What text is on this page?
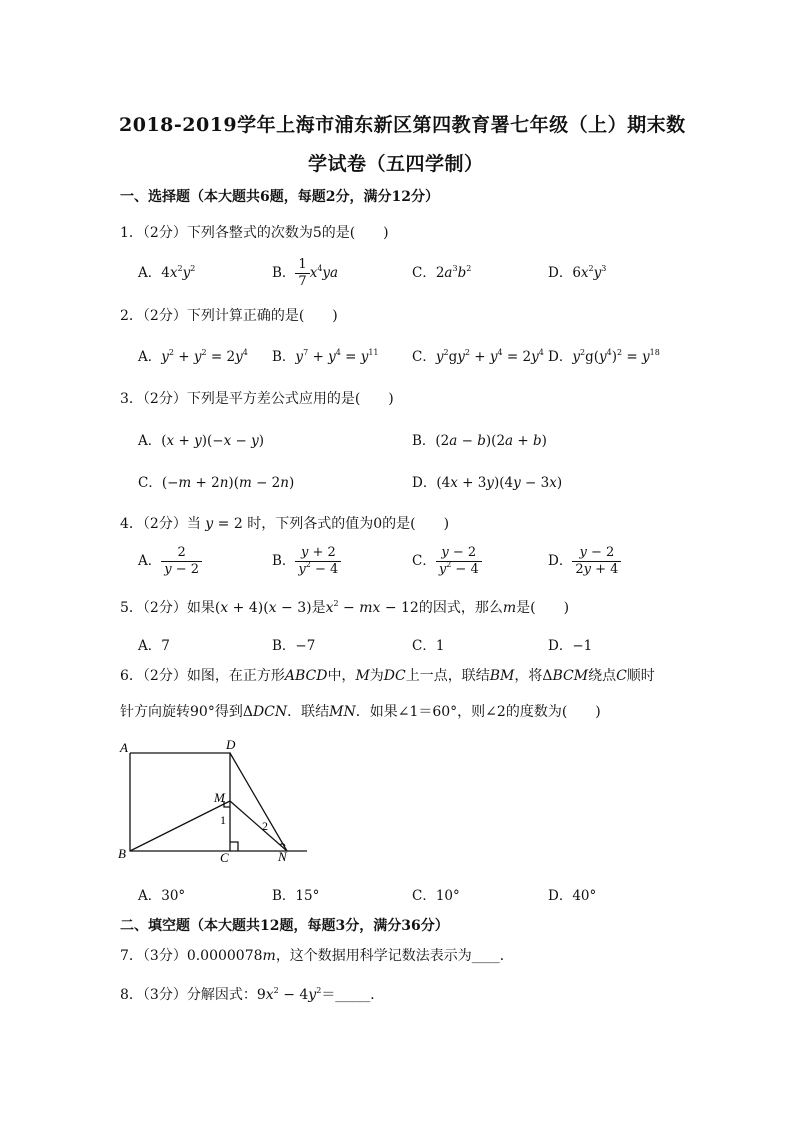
2018-2019学年上海市浦东新区第四教育署七年级（上）期末数
学试卷（五四学制）
一、选择题（本大题共6题，每题2分，满分12分）
1．（2分）下列各整式的次数为5的是(　　)
A．$4x^2y^2$	B． $\frac{1}{7} x^4ya$	C．$2a^3b^2$	D．$6x^2y^3$
2．（2分）下列计算正确的是(　　)
A．$y^2 + y^2 = 2y^4$ B．$y^7 + y^4 = y^{11}$ C．$y^2gy^2 + y^4 = 2y^4$ D．$y^2g(y^4)^2 = y^{18}$
3．（2分）下列是平方差公式应用的是(　　)
A．(x + y)(−x − y)	B．(2a − b)(2a + b)
C．(−m + 2n)(m − 2n)	D．(4x + 3y)(4y − 3x)
4．（2分）当 y = 2 时，下列各式的值为0的是(　　)
A． $\frac{2}{y - 2}$	B． $\frac{y + 2}{y^2 - 4}$	C． $\frac{y - 2}{y^2 - 4}$	D． $\frac{y - 2}{2y + 4}$
5．（2分）如果(x + 4)(x − 3)是$x^2$ − mx − 12的因式，那么m是(　　)
A．7	B．−7	C．1	D．−1
6．（2分）如图，在正方形ABCD中，M为DC上一点，联结BM，将ΔBCM绕点C顺时
针方向旋转90°得到ΔDCN．联结MN．如果∠1＝60°，则∠2的度数为(　　)
A	D
B	C
M
N
1	2
A．30°	B．15°	C．10°	D．40°
二、填空题（本大题共12题，每题3分，满分36分）
7．（3分）0.0000078m，这个数据用科学记数法表示为____．
8．（3分）分解因式：$9x^2$ − $4y^2=\_\_\_\_\_$．
